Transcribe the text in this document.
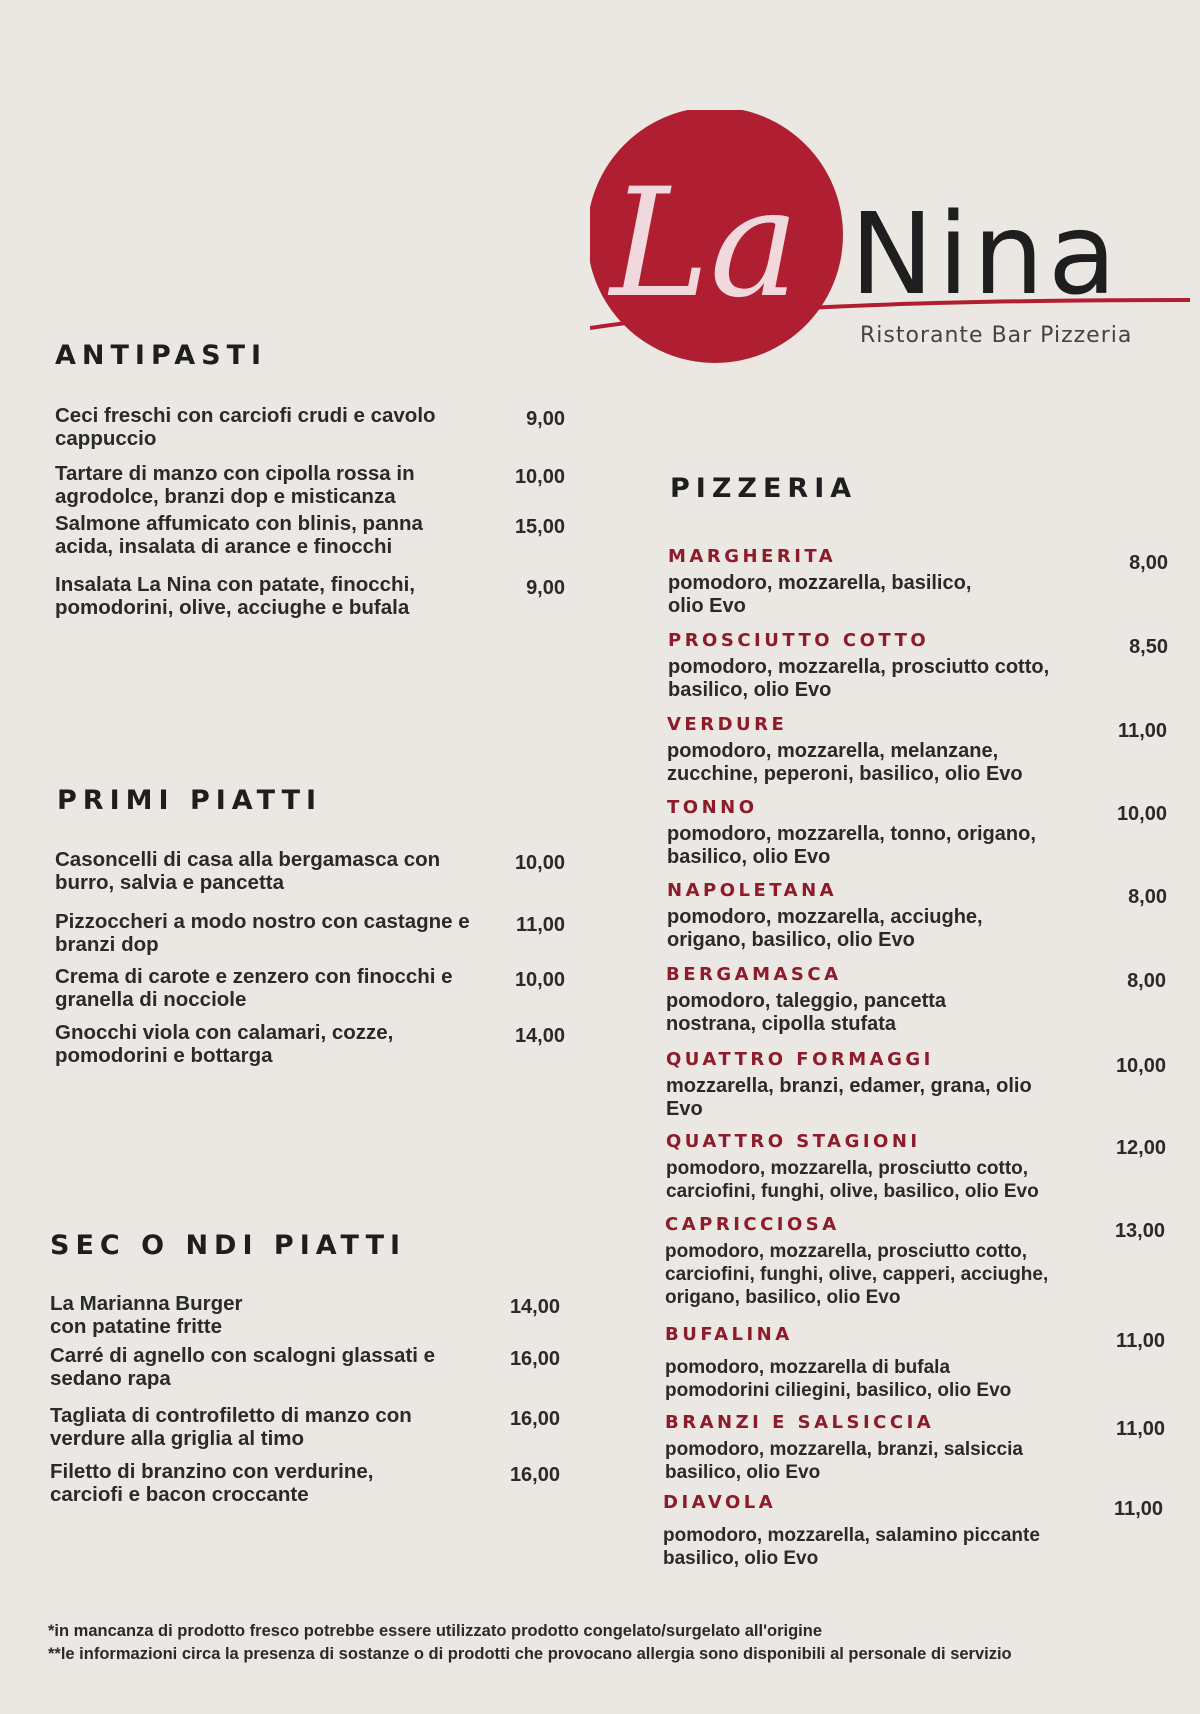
La Nina
Ristorante Bar Pizzeria
ANTIPASTI
Ceci freschi con carciofi crudi e cavolo cappuccio
9,00
Tartare di manzo con cipolla rossa in agrodolce, branzi dop e misticanza
10,00
Salmone affumicato con blinis, panna acida, insalata di arance e finocchi
15,00
Insalata La Nina con patate, finocchi, pomodorini, olive, acciughe e bufala
9,00
PRIMI PIATTI
Casoncelli di casa alla bergamasca con burro, salvia e pancetta
10,00
Pizzoccheri a modo nostro con castagne e branzi dop
11,00
Crema di carote e zenzero con finocchi e granella di nocciole
10,00
Gnocchi viola con calamari, cozze, pomodorini e bottarga
14,00
SEC O NDI PIATTI
La Marianna Burger con patatine fritte
14,00
Carré di agnello con scalogni glassati e sedano rapa
16,00
Tagliata di controfiletto di manzo con verdure alla griglia al timo
16,00
Filetto di branzino con verdurine, carciofi e bacon croccante
16,00
PIZZERIA
MARGHERITA
pomodoro, mozzarella, basilico, olio Evo
8,00
PROSCIUTTO COTTO
pomodoro, mozzarella, prosciutto cotto, basilico, olio Evo
8,50
VERDURE
pomodoro, mozzarella, melanzane, zucchine, peperoni, basilico, olio Evo
11,00
TONNO
pomodoro, mozzarella, tonno, origano, basilico, olio Evo
10,00
NAPOLETANA
pomodoro, mozzarella, acciughe, origano, basilico, olio Evo
8,00
BERGAMASCA
pomodoro, taleggio, pancetta nostrana, cipolla stufata
8,00
QUATTRO FORMAGGI
mozzarella, branzi, edamer, grana, olio Evo
10,00
QUATTRO STAGIONI
pomodoro, mozzarella, prosciutto cotto, carciofini, funghi, olive, basilico, olio Evo
12,00
CAPRICCIOSA
pomodoro, mozzarella, prosciutto cotto, carciofini, funghi, olive, capperi, acciughe, origano, basilico, olio Evo
13,00
BUFALINA
pomodoro, mozzarella di bufala pomodorini ciliegini, basilico, olio Evo
11,00
BRANZI E SALSICCIA
pomodoro, mozzarella, branzi, salsiccia basilico, olio Evo
11,00
DIAVOLA
pomodoro, mozzarella, salamino piccante basilico, olio Evo
11,00

*in mancanza di prodotto fresco potrebbe essere utilizzato prodotto congelato/surgelato all'origine

**le informazioni circa la presenza di sostanze o di prodotti che provocano allergia sono disponibili al personale di servizio
